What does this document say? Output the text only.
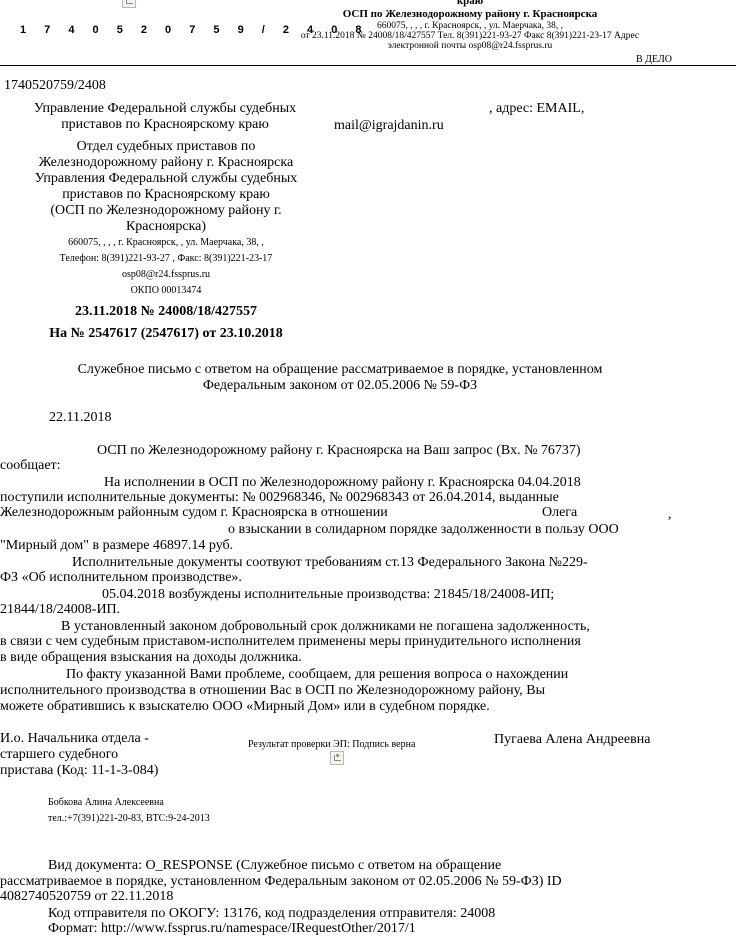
1 7 4 0 5 2 0 7 5 9 / 2 4 0 8
краю
ОСП по Железнодорожному району г. Красноярска
660075, , , , г. Красноярск, , ул. Маерчака, 38, ,
от 23.11.2018 № 24008/18/427557 Тел. 8(391)221-93-27 Факс 8(391)221-23-17 Адрес
электронной почты osp08@r24.fssprus.ru
В ДЕЛО
1740520759/2408
Управление Федеральной службы судебных
приставов по Красноярскому краю
, адрес: EMAIL,
mail@igrajdanin.ru
Отдел судебных приставов по
Железнодорожному району г. Красноярска
Управления Федеральной службы судебных
приставов по Красноярскому краю
(ОСП по Железнодорожному району г.
Красноярска)
660075, , , , г. Красноярск, , ул. Маерчака, 38, ,
Телефон: 8(391)221-93-27 , Факс: 8(391)221-23-17
osp08@r24.fssprus.ru
ОКПО 00013474
23.11.2018 № 24008/18/427557
На № 2547617 (2547617) от 23.10.2018
Служебное письмо с ответом на обращение рассматриваемое в порядке, установленном
Федеральным законом от 02.05.2006 № 59-ФЗ
22.11.2018
ОСП по Железнодорожному району г. Красноярска на Ваш запрос (Вх. № 76737)
сообщает:
На исполнении в ОСП по Железнодорожному району г. Красноярска 04.04.2018
поступили исполнительные документы: № 002968346, № 002968343 от 26.04.2014, выданные
Железнодорожным районным судом г. Красноярска в отношении	Олега	,
о взыскании в солидарном порядке задолженности в пользу ООО
"Мирный дом" в размере 46897.14 руб.
Исполнительные документы соотвуют требованиям ст.13 Федерального Закона №229-
ФЗ «Об исполнительном производстве».
05.04.2018 возбуждены исполнительные производства: 21845/18/24008-ИП;
21844/18/24008-ИП.
В установленный законом добровольный срок должниками не погашена задолженность,
в связи с чем судебным приставом-исполнителем применены меры принудительного исполнения
в виде обращения взыскания на доходы должника.
По факту указанной Вами проблеме, сообщаем, для решения вопроса о нахождении
исполнительного производства в отношении Вас в ОСП по Железнодорожному району, Вы
можете обратившись к взыскателю ООО «Мирный Дом» или в судебном порядке.
И.о. Начальника отдела -
старшего судебного
пристава (Код: 11-1-3-084)
Результат проверки ЭП: Подпись верна	Пугаева Алена Андреевна
Бобкова Алина Алексеевна
тел.:+7(391)221-20-83, ВТС:9-24-2013
Вид документа: O_RESPONSE (Служебное письмо с ответом на обращение
рассматриваемое в порядке, установленном Федеральным законом от 02.05.2006 № 59-ФЗ) ID
4082740520759 от 22.11.2018
Код отправителя по ОКОГУ: 13176, код подразделения отправителя: 24008
Формат: http://www.fssprus.ru/namespace/IRequestOther/2017/1
